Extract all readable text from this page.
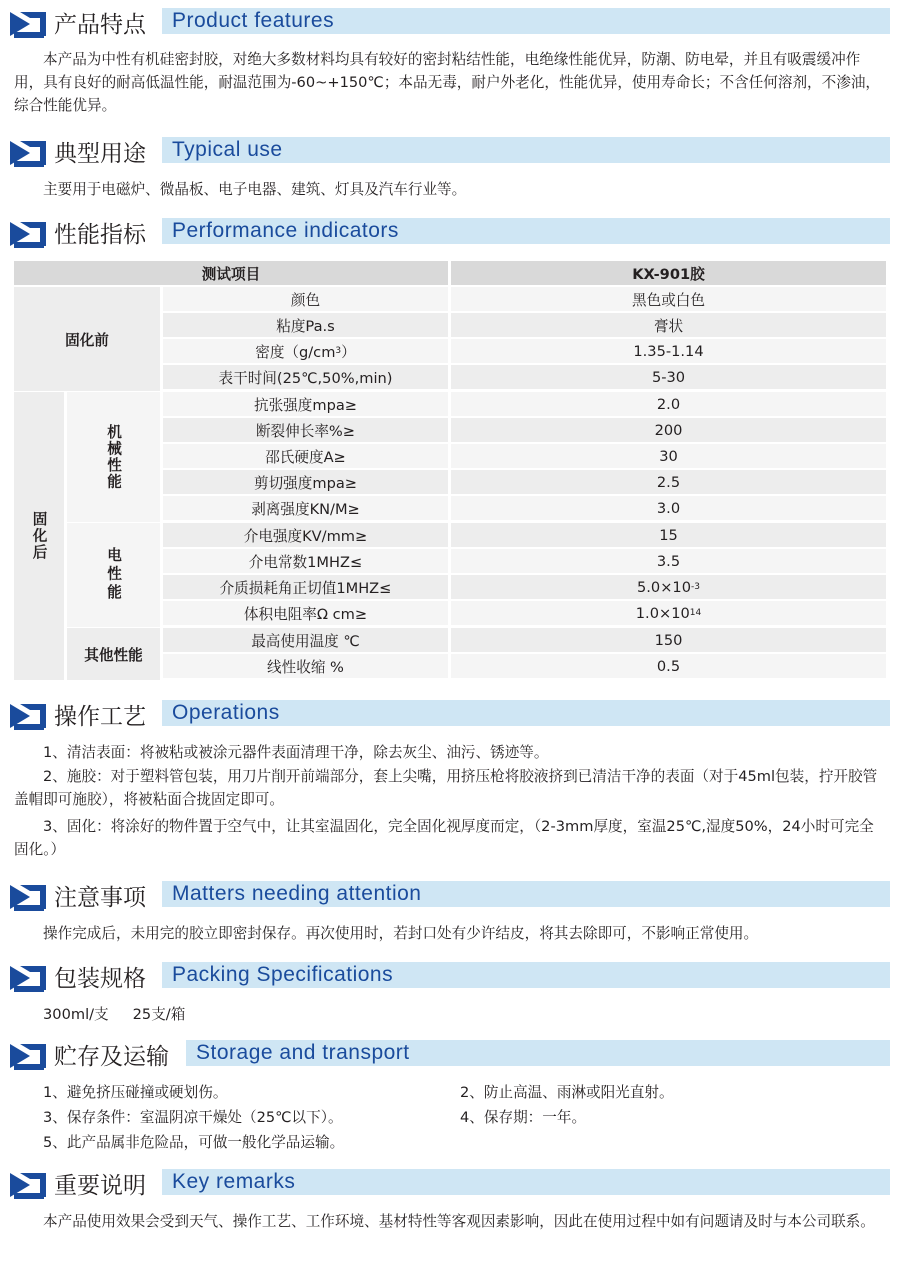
产品特点 Product features
本产品为中性有机硅密封胶，对绝大多数材料均具有较好的密封粘结性能，电绝缘性能优异，防潮、防电晕，并且有吸震缓冲作用，具有良好的耐高低温性能，耐温范围为-60~+150℃；本品无毒，耐户外老化，性能优异，使用寿命长；不含任何溶剂，不渗油，综合性能优异。
典型用途 Typical use
主要用于电磁炉、微晶板、电子电器、建筑、灯具及汽车行业等。
性能指标 Performance indicators
测试项目	KX-901胶
固化前
颜色	黑色或白色
粘度Pa.s	膏状
密度（g/cm 3 ）	1.35-1.14
表干时间(25℃,50%,min)	5-30
固化后
机械性能
抗张强度mpa≥	2.0
断裂伸长率%≥	200
邵氏硬度A≥	30
剪切强度mpa≥	2.5
剥离强度KN/M≥	3.0
电性能
介电强度KV/mm≥	15
介电常数1MHZ≤	3.5
介质损耗角正切值1MHZ≤	5.0×10 -3
体积电阻率Ω cm≥	1.0×10 14
其他性能
最高使用温度 ℃	150
线性收缩 %	0.5
操作工艺 Operations
1、清洁表面：将被粘或被涂元器件表面清理干净，除去灰尘、油污、锈迹等。
2、施胶：对于塑料管包装，用刀片削开前端部分，套上尖嘴，用挤压枪将胶液挤到已清洁干净的表面（对于45ml包装，拧开胶管盖帽即可施胶），将被粘面合拢固定即可。
3、固化：将涂好的物件置于空气中，让其室温固化，完全固化视厚度而定，（2-3mm厚度，室温25℃,湿度50%，24小时可完全固化。）
注意事项 Matters needing attention
操作完成后，未用完的胶立即密封保存。再次使用时，若封口处有少许结皮，将其去除即可，不影响正常使用。
包装规格 Packing Specifications
300ml/支 25支/箱
贮存及运输 Storage and transport
1、避免挤压碰撞或硬划伤。	2、防止高温、雨淋或阳光直射。
3、保存条件：室温阴凉干燥处（25℃以下）。	4、保存期：一年。
5、此产品属非危险品，可做一般化学品运输。
重要说明 Key remarks
本产品使用效果会受到天气、操作工艺、工作环境、基材特性等客观因素影响，因此在使用过程中如有问题请及时与本公司联系。
